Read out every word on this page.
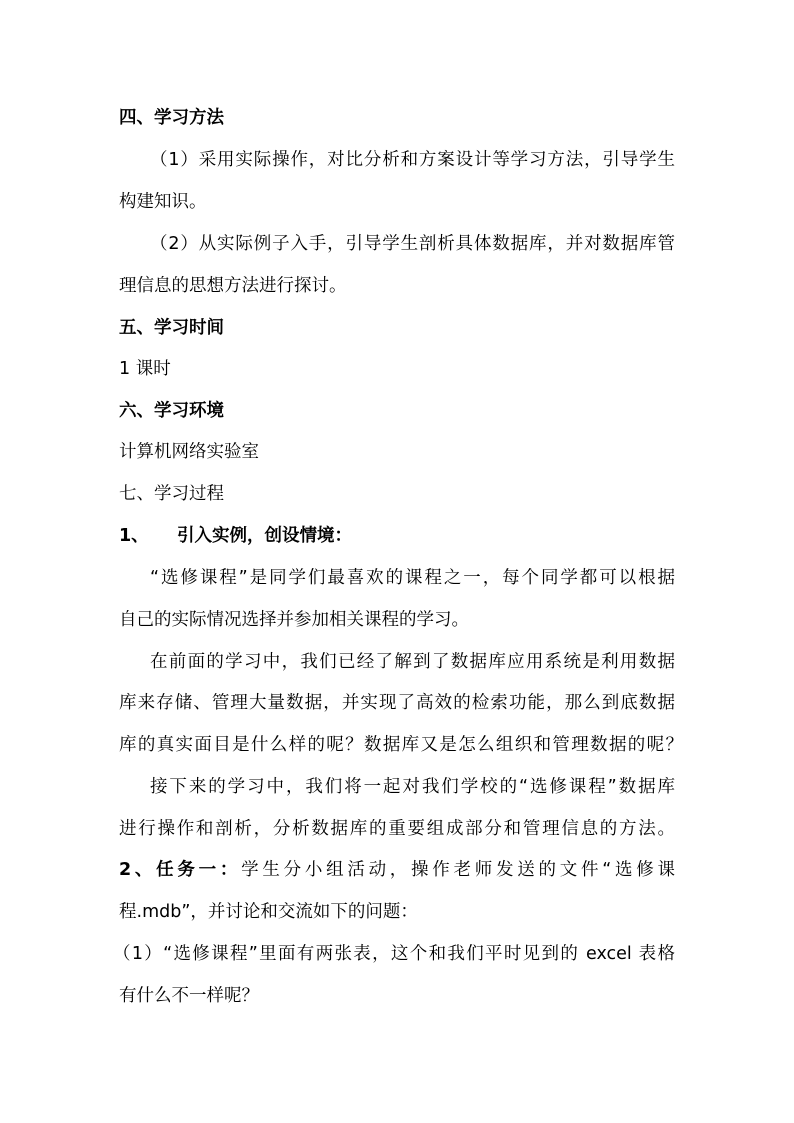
四、学习方法
（1）采用实际操作，对比分析和方案设计等学习方法，引导学生
构建知识。
（2）从实际例子入手，引导学生剖析具体数据库，并对数据库管
理信息的思想方法进行探讨。
五、学习时间
1 课时
六、学习环境
计算机网络实验室
七、学习过程
1、 引入实例，创设情境：
“选修课程”是同学们最喜欢的课程之一，每个同学都可以根据
自己的实际情况选择并参加相关课程的学习。
在前面的学习中，我们已经了解到了数据库应用系统是利用数据
库来存储、管理大量数据，并实现了高效的检索功能，那么到底数据
库的真实面目是什么样的呢？数据库又是怎么组织和管理数据的呢？
接下来的学习中，我们将一起对我们学校的“选修课程”数据库
进行操作和剖析，分析数据库的重要组成部分和管理信息的方法。
2、任务一：学生分小组活动，操作老师发送的文件“选修课
程.mdb”，并讨论和交流如下的问题：
（1）“选修课程”里面有两张表，这个和我们平时见到的 excel 表格
有什么不一样呢？
